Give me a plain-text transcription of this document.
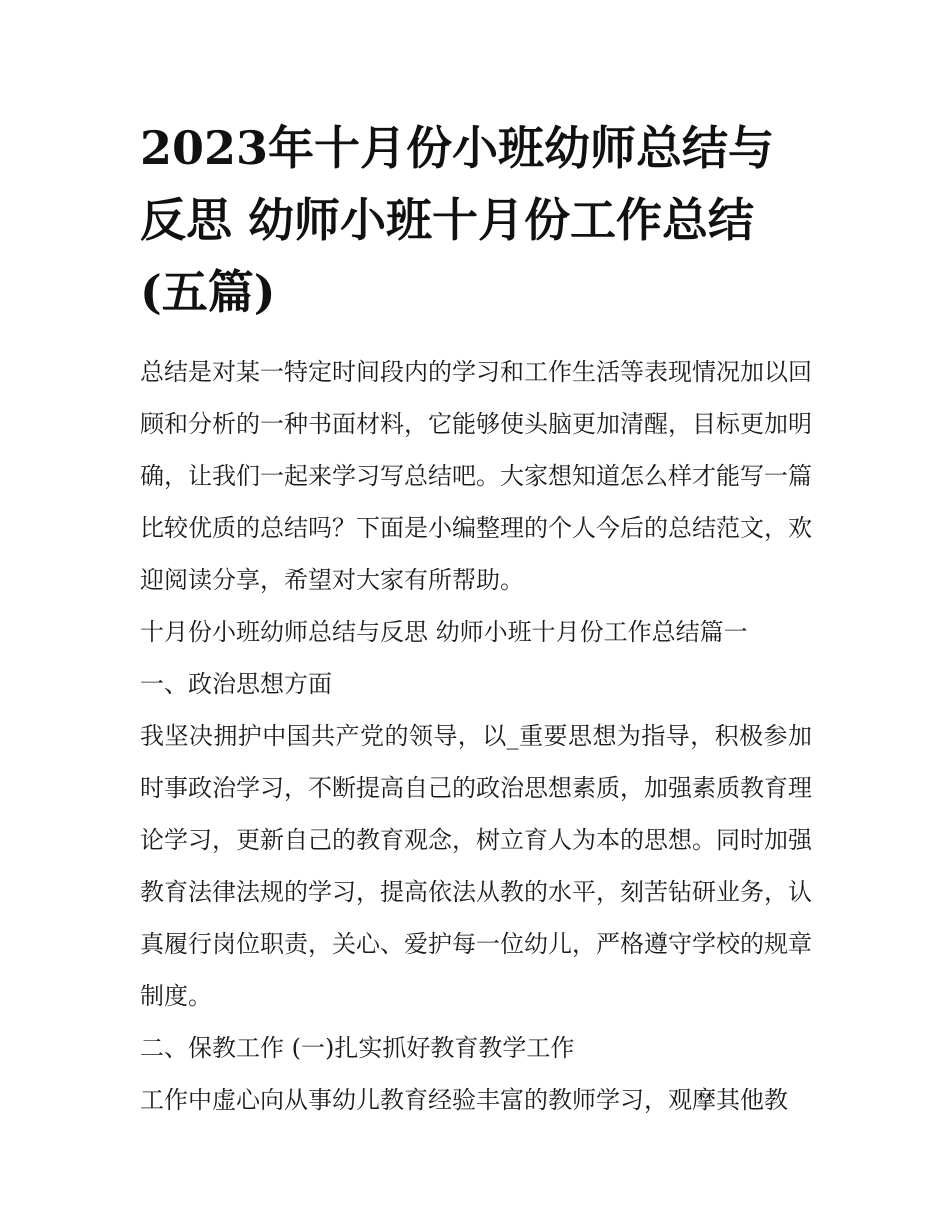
2023年十月份小班幼师总结与反思 幼师小班十月份工作总结(五篇)

总结是对某一特定时间段内的学习和工作生活等表现情况加以回顾和分析的一种书面材料，它能够使头脑更加清醒，目标更加明确，让我们一起来学习写总结吧。大家想知道怎么样才能写一篇比较优质的总结吗？下面是小编整理的个人今后的总结范文，欢迎阅读分享，希望对大家有所帮助。

十月份小班幼师总结与反思 幼师小班十月份工作总结篇一

一、政治思想方面

我坚决拥护中国共产党的领导，以_重要思想为指导，积极参加时事政治学习，不断提高自己的政治思想素质，加强素质教育理论学习，更新自己的教育观念，树立育人为本的思想。同时加强教育法律法规的学习，提高依法从教的水平，刻苦钻研业务，认真履行岗位职责，关心、爱护每一位幼儿，严格遵守学校的规章制度。

二、保教工作 (一)扎实抓好教育教学工作

工作中虚心向从事幼儿教育经验丰富的教师学习，观摩其他教
